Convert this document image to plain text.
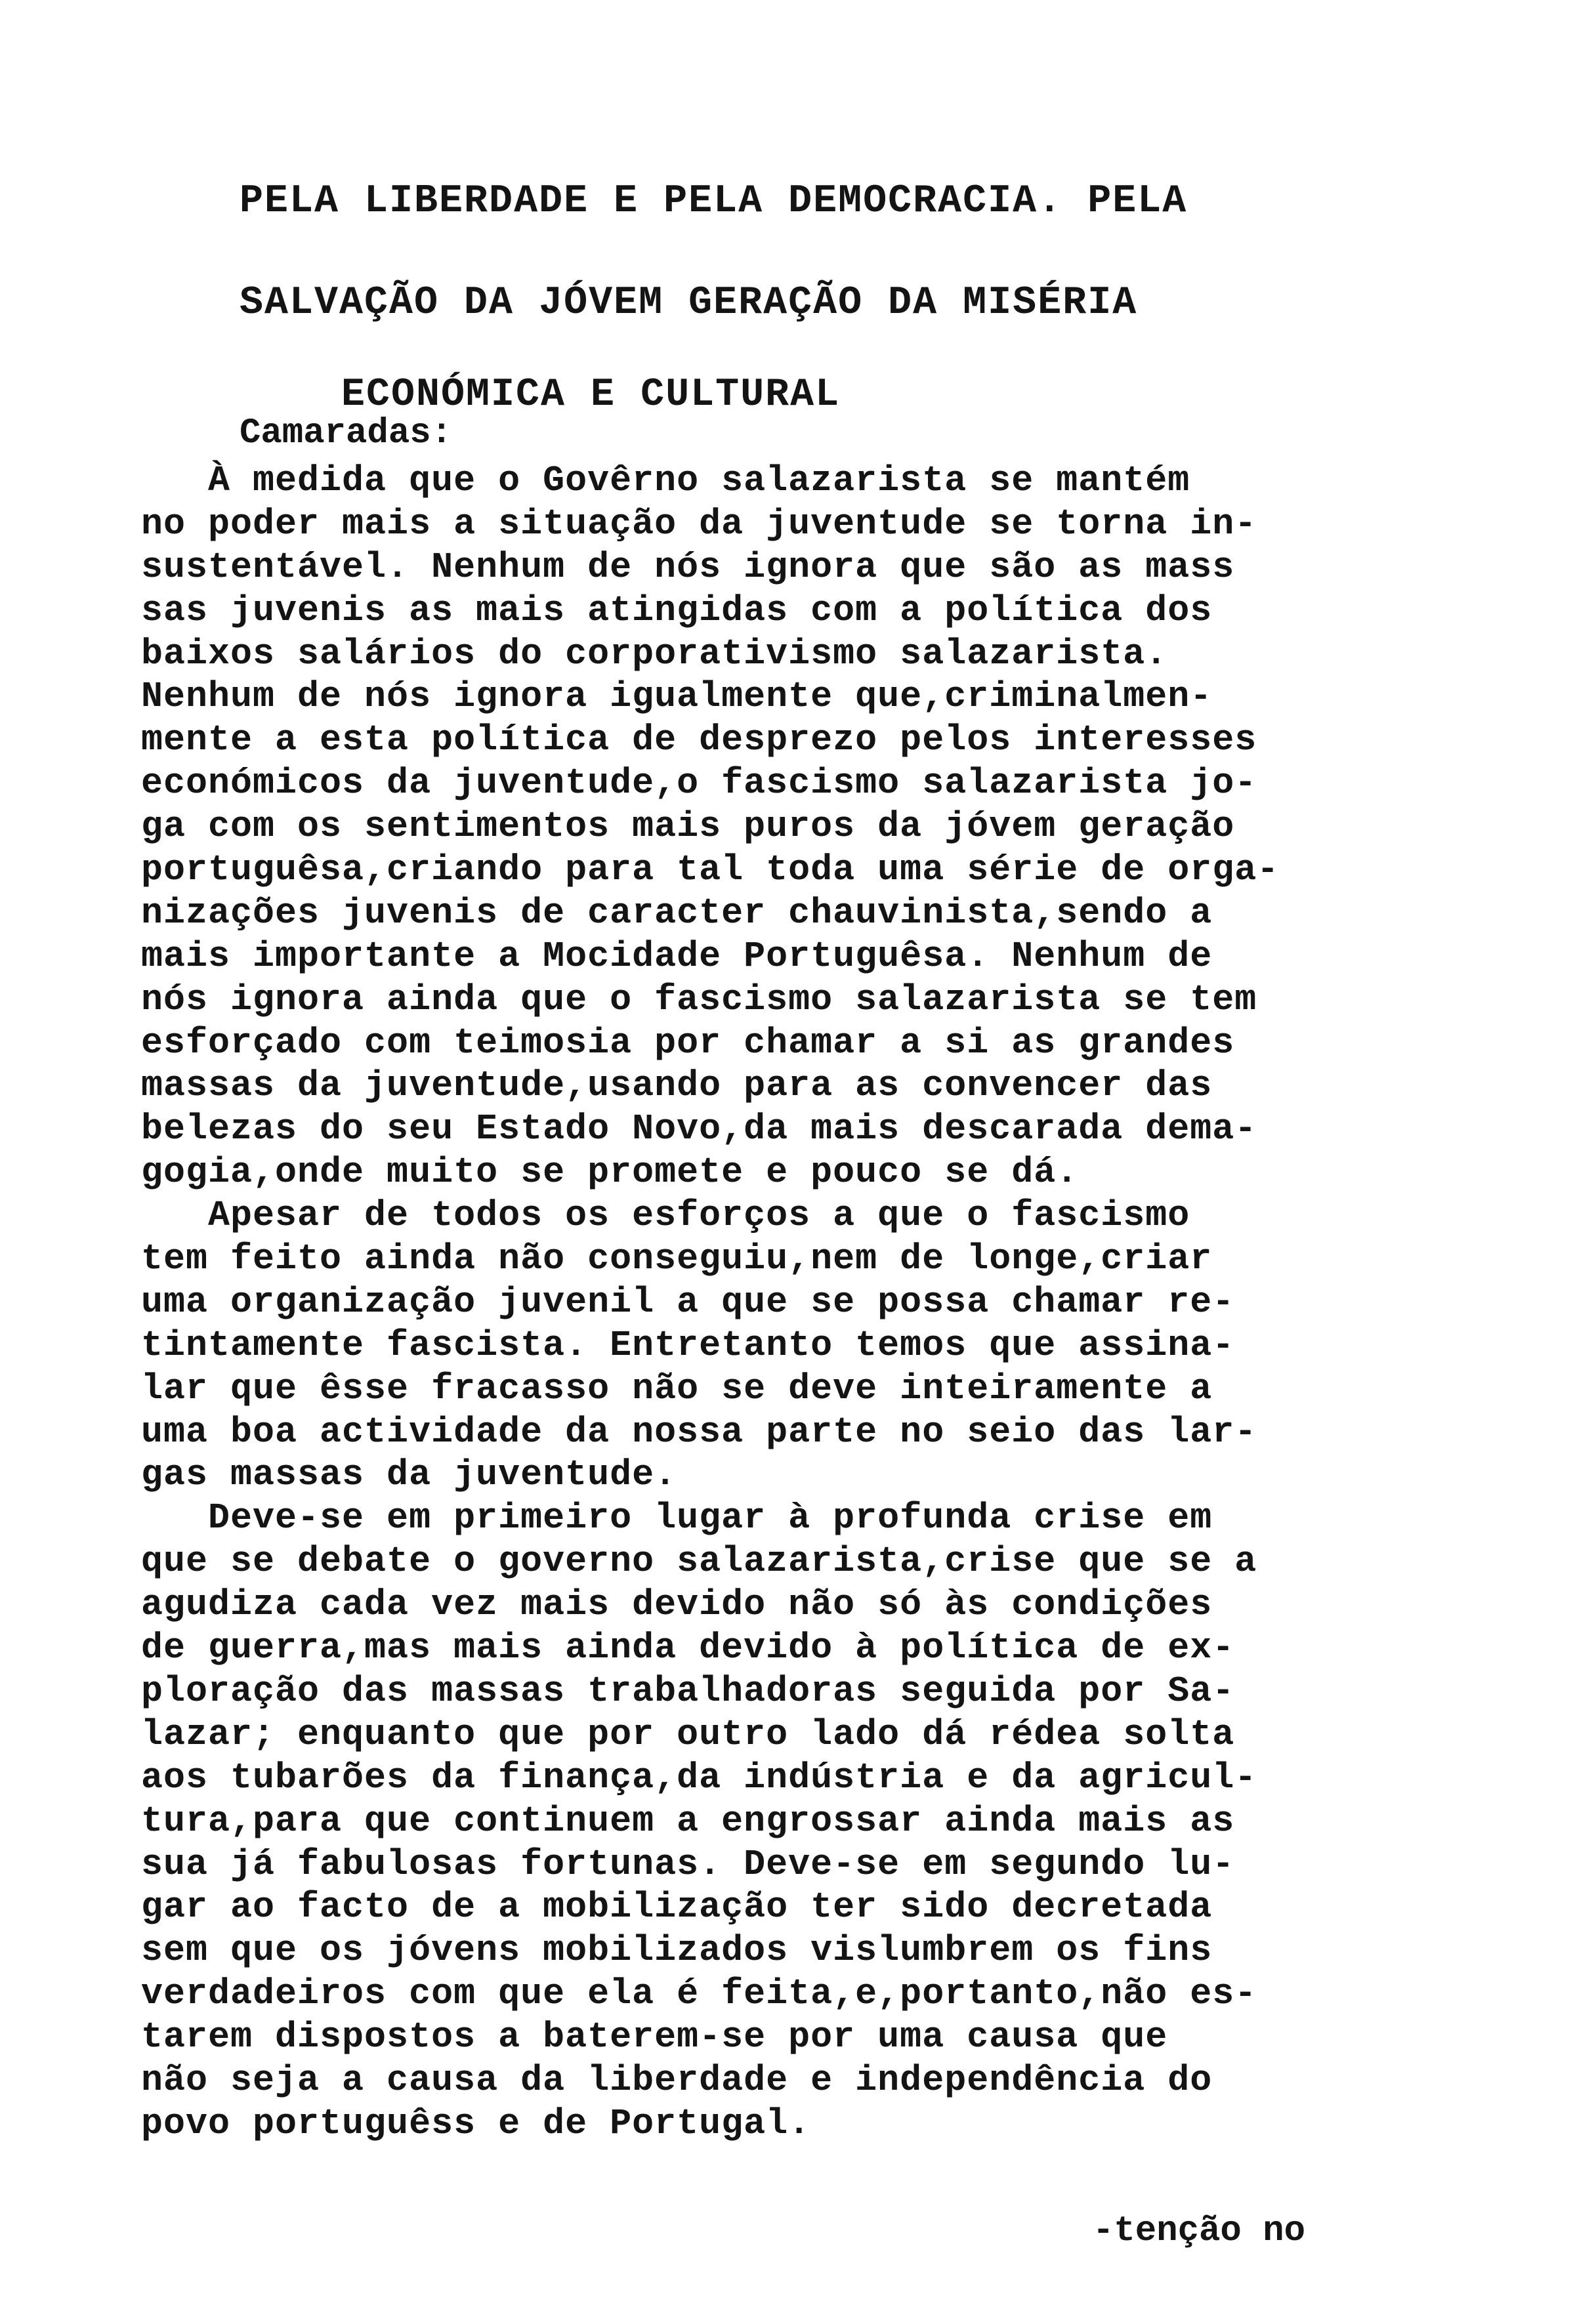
PELA LIBERDADE E PELA DEMOCRACIA. PELA

SALVAÇÃO DA JÓVEM GERAÇÃO DA MISÉRIA

ECONÓMICA E CULTURAL

Camaradas:
À medida que o Govêrno salazarista se mantém
no poder mais a situação da juventude se torna in-
sustentável. Nenhum de nós ignora que são as mass
sas juvenis as mais atingidas com a política dos
baixos salários do corporativismo salazarista.
Nenhum de nós ignora igualmente que,criminalmen-
mente a esta política de desprezo pelos interesses
económicos da juventude,o fascismo salazarista jo-
ga com os sentimentos mais puros da jóvem geração
portuguêsa,criando para tal toda uma série de orga-
nizações juvenis de caracter chauvinista,sendo a
mais importante a Mocidade Portuguêsa. Nenhum de
nós ignora ainda que o fascismo salazarista se tem
esforçado com teimosia por chamar a si as grandes
massas da juventude,usando para as convencer das
belezas do seu Estado Novo,da mais descarada demа-
gogia,onde muito se promete e pouco se dá.
Apesar de todos os esforços a que o fascismo
tem feito ainda não conseguiu,nem de longe,criar
uma organização juvenil a que se possa chamar re-
tintamente fascista. Entretanto temos que assina-
lar que êsse fracasso não se deve inteiramente a
uma boa actividade da nossa parte no seio das lar-
gas massas da juventude.
Deve-se em primeiro lugar à profunda crise em
que se debate o governo salazarista,crise que se a
agudiza cada vez mais devido não só às condições
de guerra,mas mais ainda devido à política de ex-
ploração das massas trabalhadoras seguida por Sa-
lazar; enquanto que por outro lado dá rédea solta
aos tubarões da finança,da indústria e da agricul-
tura,para que continuem a engrossar ainda mais as
sua já fabulosas fortunas. Deve-se em segundo lu-
gar ao facto de a mobilização ter sido decretada
sem que os jóvens mobilizados vislumbrem os fins
verdadeiros com que ela é feita,e,portanto,não es-
tarem dispostos a baterem-se por uma causa que
não seja a causa da liberdade e independência do
povo portuguêss e de Portugal.
-tenção no
